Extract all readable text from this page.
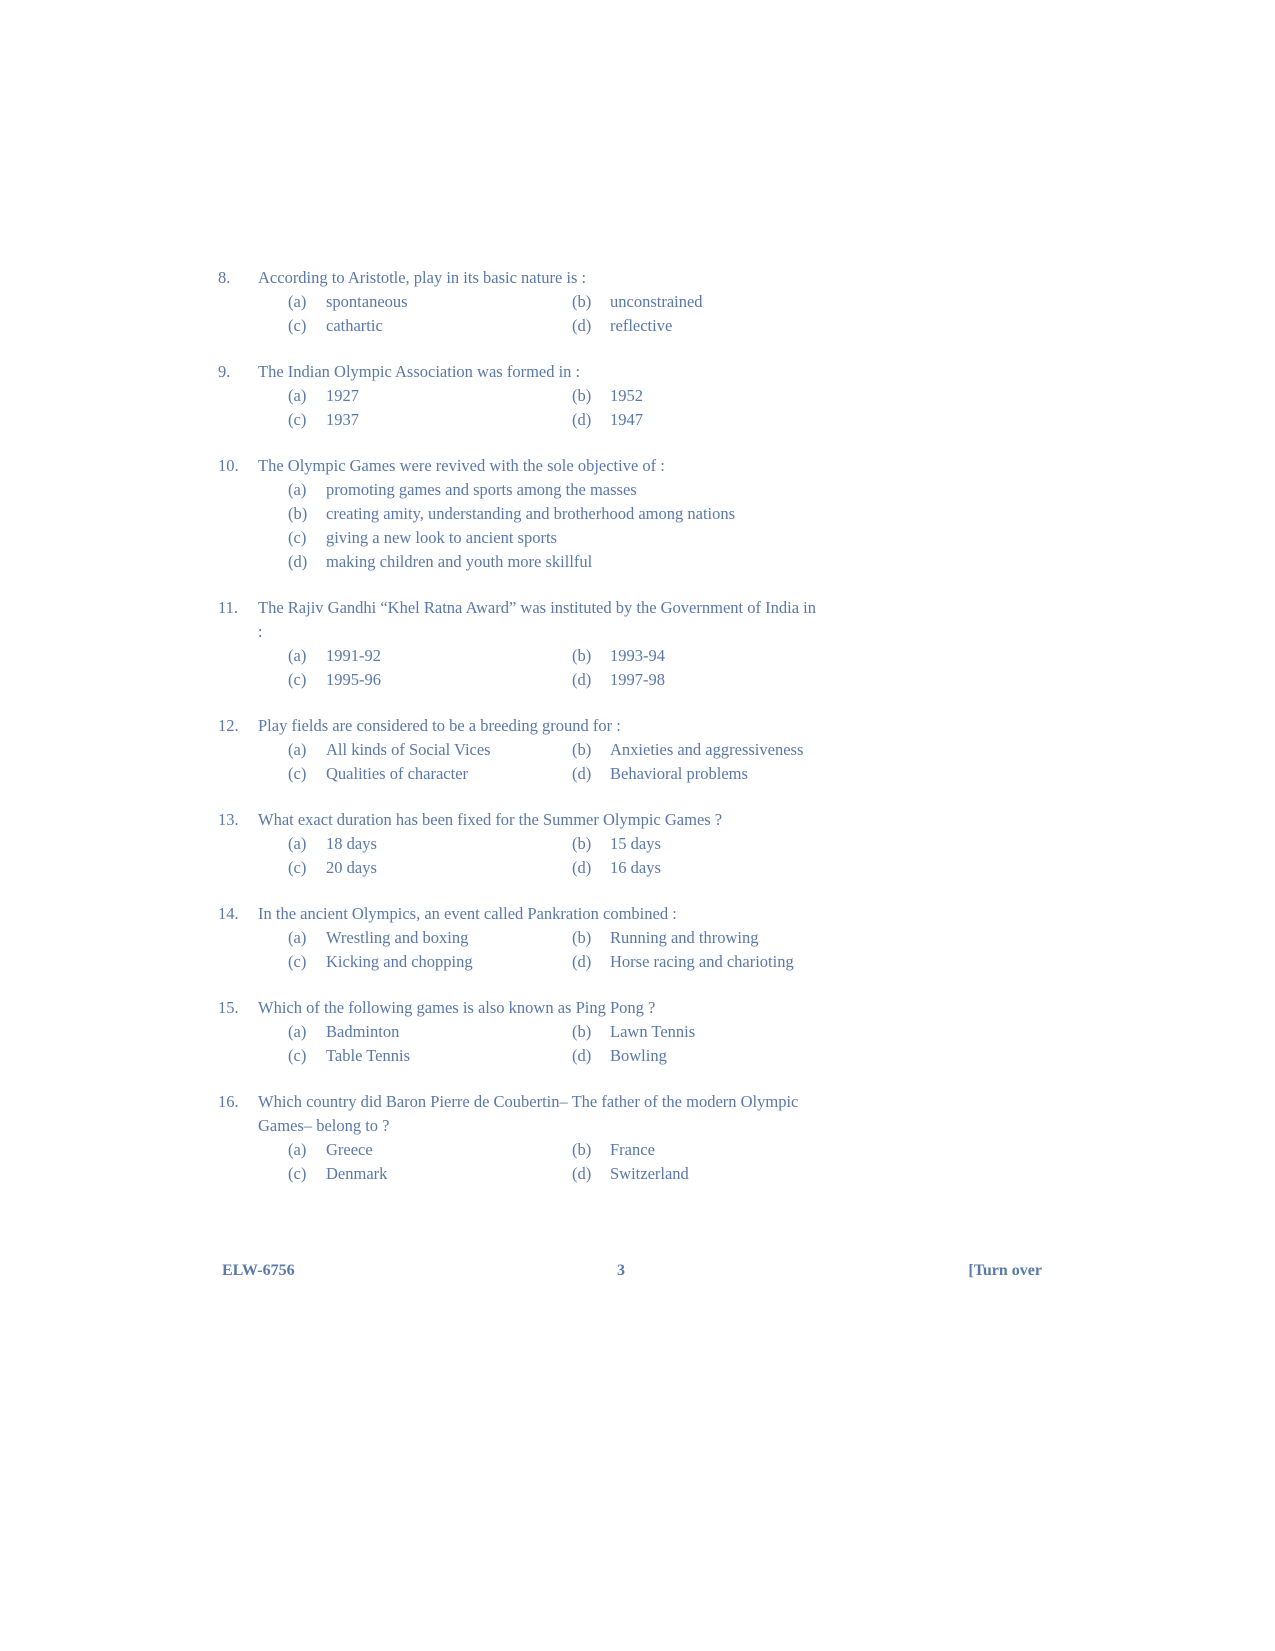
8.	According to Aristotle, play in its basic nature is :
(a) spontaneous	(b) unconstrained
(c) cathartic	(d) reflective
9.	The Indian Olympic Association was formed in :
(a) 1927	(b) 1952
(c) 1937	(d) 1947
10.	The Olympic Games were revived with the sole objective of :
(a) promoting games and sports among the masses
(b) creating amity, understanding and brotherhood among nations
(c) giving a new look to ancient sports
(d) making children and youth more skillful
11.	The Rajiv Gandhi “Khel Ratna Award” was instituted by the Government of India in :
(a) 1991-92	(b) 1993-94
(c) 1995-96	(d) 1997-98
12.	Play fields are considered to be a breeding ground for :
(a) All kinds of Social Vices	(b) Anxieties and aggressiveness
(c) Qualities of character	(d) Behavioral problems
13.	What exact duration has been fixed for the Summer Olympic Games ?
(a) 18 days	(b) 15 days
(c) 20 days	(d) 16 days
14.	In the ancient Olympics, an event called Pankration combined :
(a) Wrestling and boxing	(b) Running and throwing
(c) Kicking and chopping	(d) Horse racing and charioting
15.	Which of the following games is also known as Ping Pong ?
(a) Badminton	(b) Lawn Tennis
(c) Table Tennis	(d) Bowling
16.	Which country did Baron Pierre de Coubertin– The father of the modern Olympic Games– belong to ?
(a) Greece	(b) France
(c) Denmark	(d) Switzerland
ELW-6756	3	[Turn over
